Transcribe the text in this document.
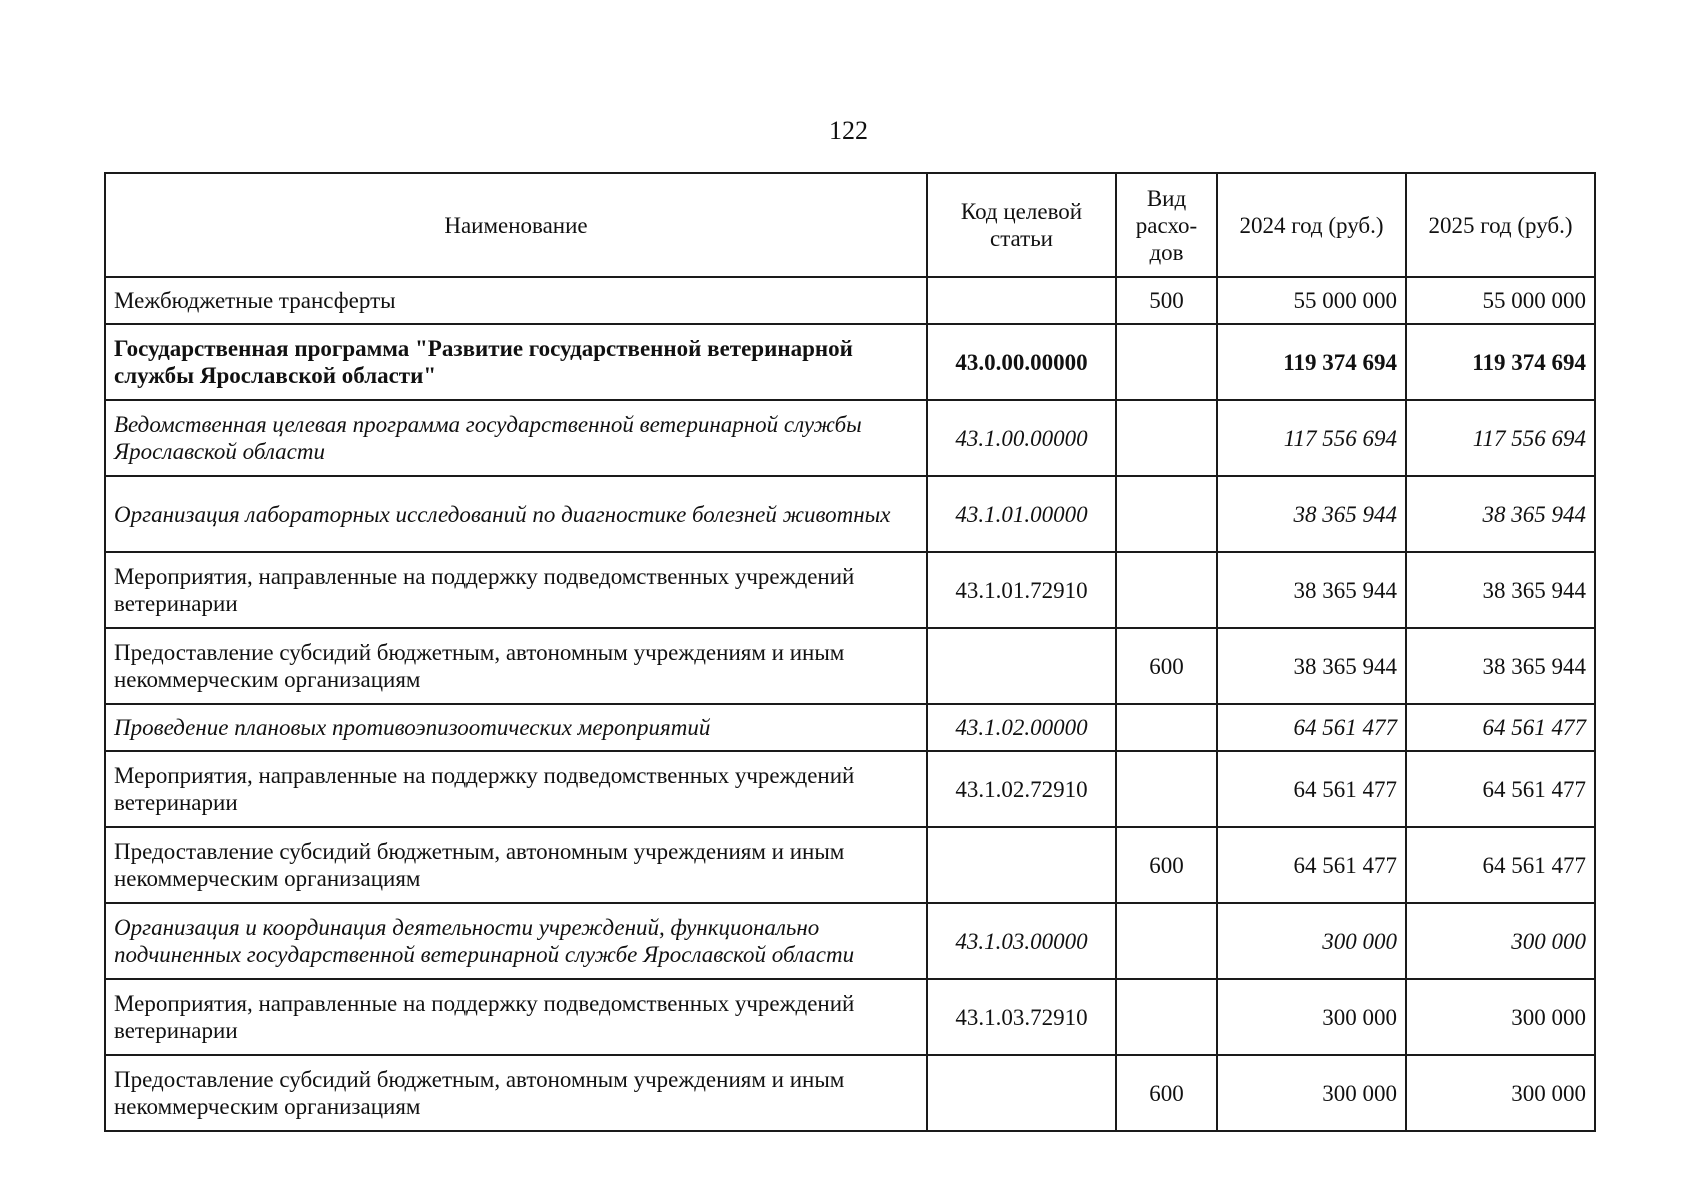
122
Наименование	Код целевой статьи	Вид расхо-дов	2024 год (руб.)	2025 год (руб.)
Межбюджетные трансферты		500	55 000 000	55 000 000
Государственная программа "Развитие государственной ветеринарной службы Ярославской области"	43.0.00.00000		119 374 694	119 374 694
Ведомственная целевая программа государственной ветеринарной службы Ярославской области	43.1.00.00000		117 556 694	117 556 694
Организация лабораторных исследований по диагностике болезней животных	43.1.01.00000		38 365 944	38 365 944
Мероприятия, направленные на поддержку подведомственных учреждений ветеринарии	43.1.01.72910		38 365 944	38 365 944
Предоставление субсидий бюджетным, автономным учреждениям и иным некоммерческим организациям		600	38 365 944	38 365 944
Проведение плановых противоэпизоотических мероприятий	43.1.02.00000		64 561 477	64 561 477
Мероприятия, направленные на поддержку подведомственных учреждений ветеринарии	43.1.02.72910		64 561 477	64 561 477
Предоставление субсидий бюджетным, автономным учреждениям и иным некоммерческим организациям		600	64 561 477	64 561 477
Организация и координация деятельности учреждений, функционально подчиненных государственной ветеринарной службе Ярославской области	43.1.03.00000		300 000	300 000
Мероприятия, направленные на поддержку подведомственных учреждений ветеринарии	43.1.03.72910		300 000	300 000
Предоставление субсидий бюджетным, автономным учреждениям и иным некоммерческим организациям		600	300 000	300 000
